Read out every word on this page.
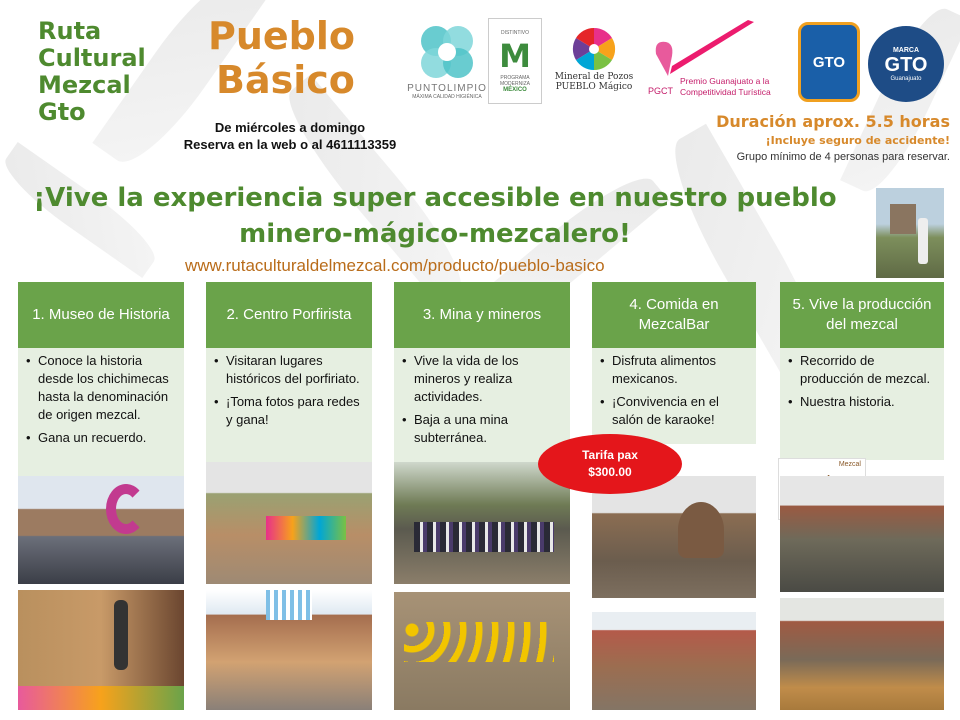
Ruta
Cultural
Mezcal
Gto
Pueblo
Básico
De miércoles a domingo
Reserva en la web o al 4611113359
PUNTOLIMPIO
MÁXIMA CALIDAD HIGIÉNICA
DISTINTIVO
M
PROGRAMA MODERNIZA
MÉXICO
Mineral de Pozos
PUEBLO Mágico PGCT
Premio Guanajuato a la
Competitividad Turística
GTO
MARCA
GTO
Guanajuato
Duración aprox. 5.5 horas
¡Incluye seguro de accidente!
Grupo mínimo de 4 personas para reservar.
¡Vive la experiencia super accesible en nuestro pueblo
minero-mágico-mezcalero!
www.rutaculturaldelmezcal.com/producto/pueblo-basico
1. Museo de Historia
• Conoce la historia desde los chichimecas hasta la denominación de origen mezcal.
• Gana un recuerdo.
2. Centro Porfirista
• Visitaran lugares históricos del porfiriato.
• ¡Toma fotos para redes y gana!
3. Mina y mineros
• Vive la vida de los mineros y realiza actividades.
• Baja a una mina subterránea.
4. Comida en MezcalBar
• Disfruta alimentos mexicanos.
• ¡Convivencia en el salón de karaoke!
5. Vive la producción del mezcal
• Recorrido de producción de mezcal.
• Nuestra historia.
Mezcal
Tarifa pax
$300.00
